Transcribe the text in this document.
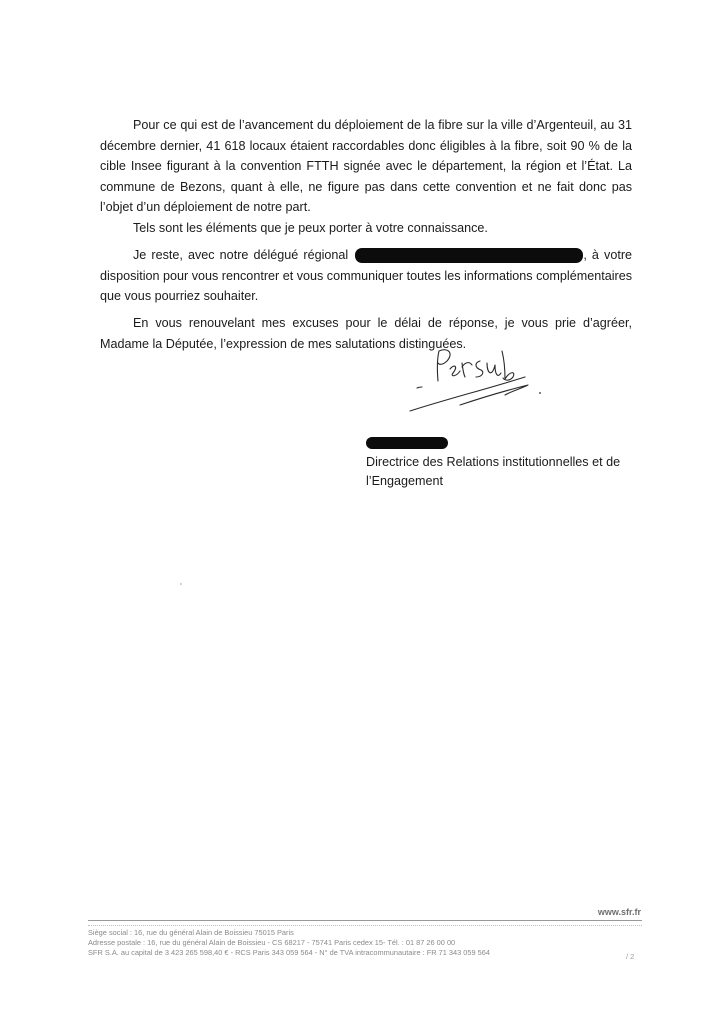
Pour ce qui est de l’avancement du déploiement de la fibre sur la ville d’Argenteuil, au 31 décembre dernier, 41 618 locaux étaient raccordables donc éligibles à la fibre, soit 90 % de la cible Insee figurant à la convention FTTH signée avec le département, la région et l’État. La commune de Bezons, quant à elle, ne figure pas dans cette convention et ne fait donc pas l’objet d’un déploiement de notre part.

Tels sont les éléments que je peux porter à votre connaissance.

Je reste, avec notre délégué régional	, à votre disposition pour vous rencontrer et vous communiquer toutes les informations complémentaires que vous pourriez souhaiter.

En vous renouvelant mes excuses pour le délai de réponse, je vous prie d’agréer, Madame la Députée, l’expression de mes salutations distinguées.

Directrice des Relations institutionnelles et de l’Engagement
www.sfr.fr
Siège social : 16, rue du général Alain de Boissieu 75015 Paris
Adresse postale : 16, rue du général Alain de Boissieu - CS 68217 - 75741 Paris cedex 15- Tél. : 01 87 26 00 00
SFR S.A. au capital de 3 423 265 598,40 € - RCS Paris 343 059 564 - N° de TVA intracommunautaire : FR 71 343 059 564	/ 2
